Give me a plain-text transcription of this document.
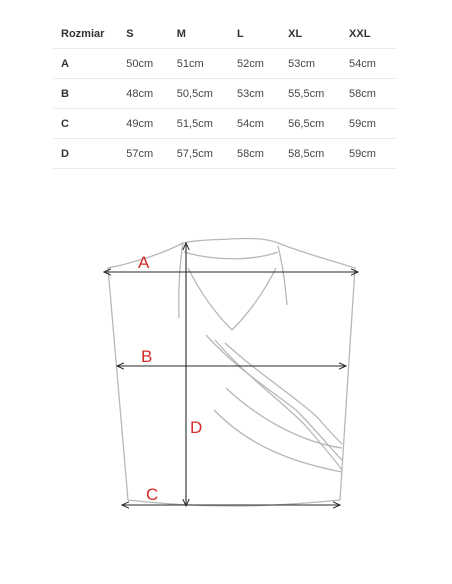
Rozmiar	S	M	L	XL	XXL
A	50cm	51cm	52cm	53cm	54cm
B	48cm	50,5cm	53cm	55,5cm	58cm
C	49cm	51,5cm	54cm	56,5cm	59cm
D	57cm	57,5cm	58cm	58,5cm	59cm
A
B
C
D
